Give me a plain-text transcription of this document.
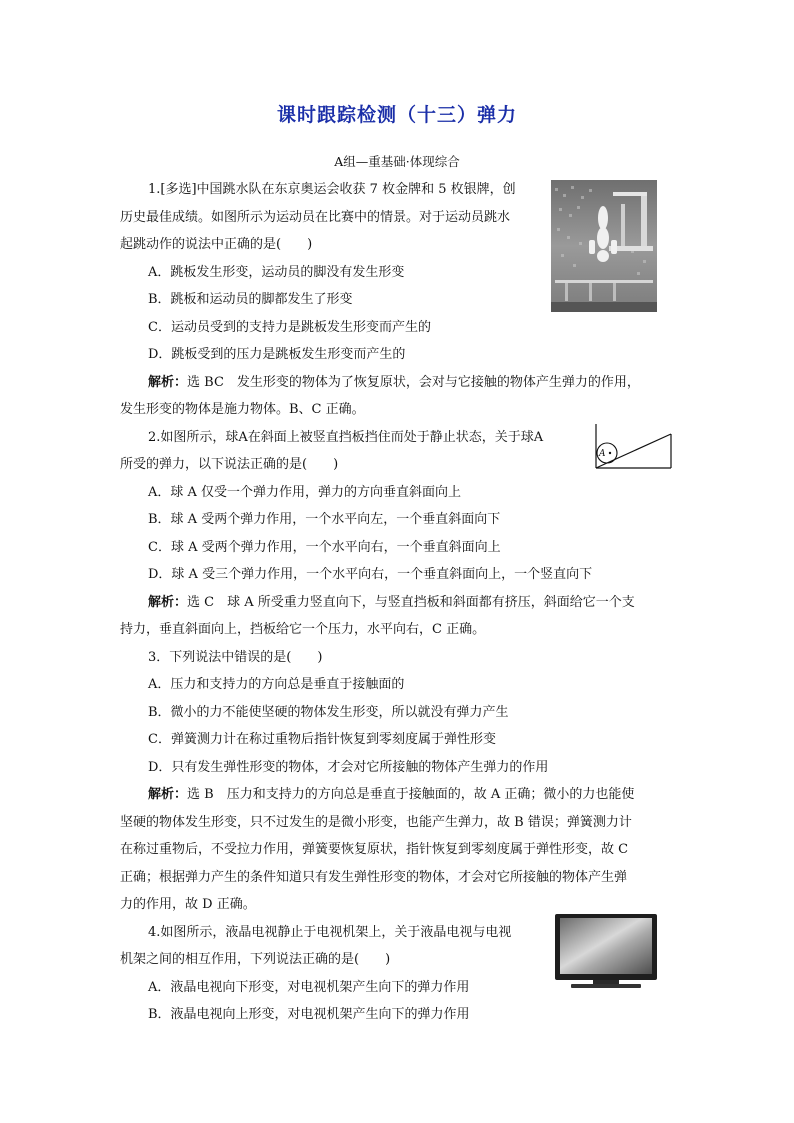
课时跟踪检测（十三）弹力
A组—重基础·体现综合
1.[多选]中国跳水队在东京奥运会收获 7 枚金牌和 5 枚银牌，创
历史最佳成绩。如图所示为运动员在比赛中的情景。对于运动员跳水
起跳动作的说法中正确的是(　　)
A．跳板发生形变，运动员的脚没有发生形变
B．跳板和运动员的脚都发生了形变
C．运动员受到的支持力是跳板发生形变而产生的
D．跳板受到的压力是跳板发生形变而产生的
解析：选 BC　发生形变的物体为了恢复原状，会对与它接触的物体产生弹力的作用，
发生形变的物体是施力物体。B、C 正确。
2.如图所示，球A在斜面上被竖直挡板挡住而处于静止状态，关于球A
所受的弹力，以下说法正确的是(　　)
A．球 A 仅受一个弹力作用，弹力的方向垂直斜面向上
B．球 A 受两个弹力作用，一个水平向左，一个垂直斜面向下
C．球 A 受两个弹力作用，一个水平向右，一个垂直斜面向上
D．球 A 受三个弹力作用，一个水平向右，一个垂直斜面向上，一个竖直向下
解析：选 C　球 A 所受重力竖直向下，与竖直挡板和斜面都有挤压，斜面给它一个支
持力，垂直斜面向上，挡板给它一个压力，水平向右，C 正确。
A
3．下列说法中错误的是(　　)
A．压力和支持力的方向总是垂直于接触面的
B．微小的力不能使坚硬的物体发生形变，所以就没有弹力产生
C．弹簧测力计在称过重物后指针恢复到零刻度属于弹性形变
D．只有发生弹性形变的物体，才会对它所接触的物体产生弹力的作用
解析：选 B　压力和支持力的方向总是垂直于接触面的，故 A 正确；微小的力也能使
坚硬的物体发生形变，只不过发生的是微小形变，也能产生弹力，故 B 错误；弹簧测力计
在称过重物后，不受拉力作用，弹簧要恢复原状，指针恢复到零刻度属于弹性形变，故 C
正确；根据弹力产生的条件知道只有发生弹性形变的物体，才会对它所接触的物体产生弹
力的作用，故 D 正确。
4.如图所示，液晶电视静止于电视机架上，关于液晶电视与电视
机架之间的相互作用，下列说法正确的是(　　)
A．液晶电视向下形变，对电视机架产生向下的弹力作用
B．液晶电视向上形变，对电视机架产生向下的弹力作用
